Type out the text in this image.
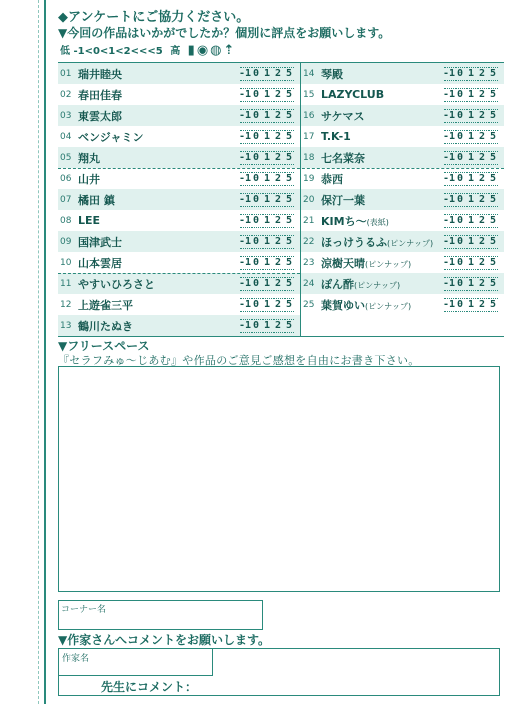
◆アンケートにご協力ください。
▼今回の作品はいかがでしたか？個別に評点をお願いします。
低 -1<0<1<2<<<5 高 ▮◉◍⇡
01 瑞井睦央	-1 0 1 2 5
02 春田佳春	-1 0 1 2 5
03 東雲太郎	-1 0 1 2 5
04 ベンジャミン	-1 0 1 2 5
05 翔丸	-1 0 1 2 5
06 山井	-1 0 1 2 5
07 橘田 鎮	-1 0 1 2 5
08 LEE	-1 0 1 2 5
09 国津武士	-1 0 1 2 5
10 山本雲居	-1 0 1 2 5
11 やすいひろさと	-1 0 1 2 5
12 上遊雀三平	-1 0 1 2 5
13 鶴川たぬき	-1 0 1 2 5
14 琴殿	-1 0 1 2 5
15 LAZYCLUB	-1 0 1 2 5
16 サケマス	-1 0 1 2 5
17 T.K-1	-1 0 1 2 5
18 七名菜奈	-1 0 1 2 5
19 恭西	-1 0 1 2 5
20 保汀一葉	-1 0 1 2 5
21 KIMち〜(表紙)	-1 0 1 2 5
22 ほっけうるふ(ピンナップ) -1 0 1 2 5
23 涼樹天晴(ピンナップ)	-1 0 1 2 5
24 ぽん酢(ピンナップ)	-1 0 1 2 5
25 葉賀ゆい(ピンナップ)	-1 0 1 2 5
▼フリースペース
『セラフみゅ〜じあむ』や作品のご意見ご感想を自由にお書き下さい。
コーナー名
▼作家さんへコメントをお願いします。
作家名
先生にコメント：
